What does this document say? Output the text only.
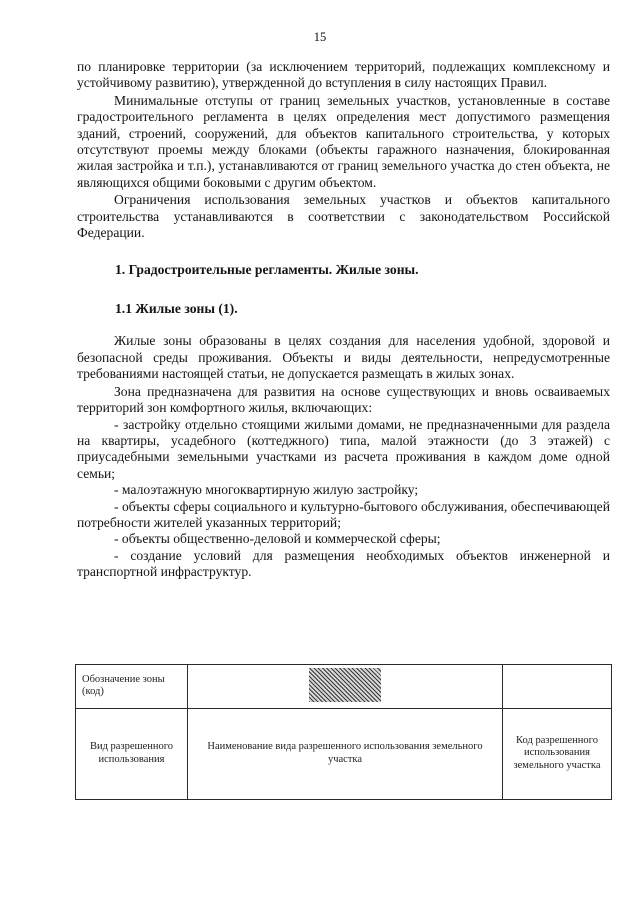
15

по планировке территории (за исключением территорий, подлежащих комплексному и устойчивому развитию), утвержденной до вступления в силу настоящих Правил.

Минимальные отступы от границ земельных участков, установленные в составе градостроительного регламента в целях определения мест допустимого размещения зданий, строений, сооружений, для объектов капитального строительства, у которых отсутствуют проемы между блоками (объекты гаражного назначения, блокированная жилая застройка и т.п.), устанавливаются от границ земельного участка до стен объекта, не являющихся общими боковыми с другим объектом.

Ограничения использования земельных участков и объектов капитального строительства устанавливаются в соответствии с законодательством Российской Федерации.

1. Градостроительные регламенты. Жилые зоны.
1.1 Жилые зоны (1).

Жилые зоны образованы в целях создания для населения удобной, здоровой и безопасной среды проживания. Объекты и виды деятельности, непредусмотренные требованиями настоящей статьи, не допускается размещать в жилых зонах.

Зона предназначена для развития на основе существующих и вновь осваиваемых территорий зон комфортного жилья, включающих:

- застройку отдельно стоящими жилыми домами, не предназначенными для раздела на квартиры, усадебного (коттеджного) типа, малой этажности (до 3 этажей) с приусадебными земельными участками из расчета проживания в каждом доме одной семьи;

- малоэтажную многоквартирную жилую застройку;

- объекты сферы социального и культурно-бытового обслуживания, обеспечивающей потребности жителей указанных территорий;

- объекты общественно-деловой и коммерческой сферы;

- создание условий для размещения необходимых объектов инженерной и транспортной инфраструктур.

Обозначение зоны (код)		
Вид разрешенного использования	Наименование вида разрешенного использования земельного участка	Код разрешенного использования земельного участка
